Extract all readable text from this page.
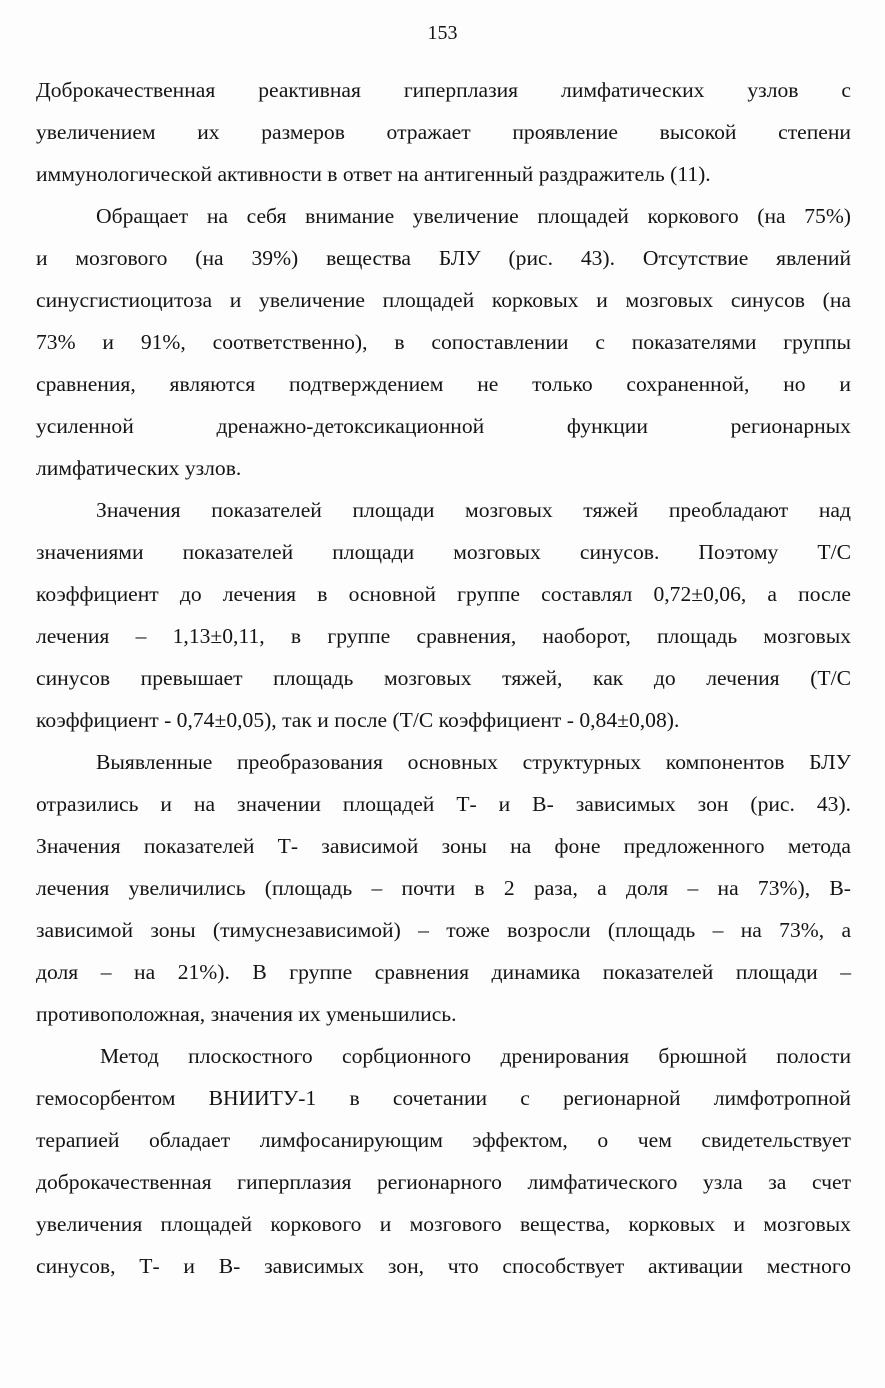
153
Доброкачественная реактивная гиперплазия лимфатических узлов с
увеличением их размеров отражает проявление высокой степени
иммунологической активности в ответ на антигенный раздражитель (11).
Обращает на себя внимание увеличение площадей коркового (на 75%)
и мозгового (на 39%) вещества БЛУ (рис. 43). Отсутствие явлений
синусгистиоцитоза и увеличение площадей корковых и мозговых синусов (на
73% и 91%, соответственно), в сопоставлении с показателями группы
сравнения, являются подтверждением не только сохраненной, но и
усиленной дренажно-детоксикационной функции регионарных
лимфатических узлов.
Значения показателей площади мозговых тяжей преобладают над
значениями показателей площади мозговых синусов. Поэтому Т/С
коэффициент до лечения в основной группе составлял 0,72±0,06, а после
лечения – 1,13±0,11, в группе сравнения, наоборот, площадь мозговых
синусов превышает площадь мозговых тяжей, как до лечения (Т/С
коэффициент - 0,74±0,05), так и после (Т/С коэффициент - 0,84±0,08).
Выявленные преобразования основных структурных компонентов БЛУ
отразились и на значении площадей Т- и В- зависимых зон (рис. 43).
Значения показателей Т- зависимой зоны на фоне предложенного метода
лечения увеличились (площадь – почти в 2 раза, а доля – на 73%), В-
зависимой зоны (тимуснезависимой) – тоже возросли (площадь – на 73%, а
доля – на 21%). В группе сравнения динамика показателей площади –
противоположная, значения их уменьшились.
Метод плоскостного сорбционного дренирования брюшной полости
гемосорбентом ВНИИТУ-1 в сочетании с регионарной лимфотропной
терапией обладает лимфосанирующим эффектом, о чем свидетельствует
доброкачественная гиперплазия регионарного лимфатического узла за счет
увеличения площадей коркового и мозгового вещества, корковых и мозговых
синусов, Т- и В- зависимых зон, что способствует активации местного
